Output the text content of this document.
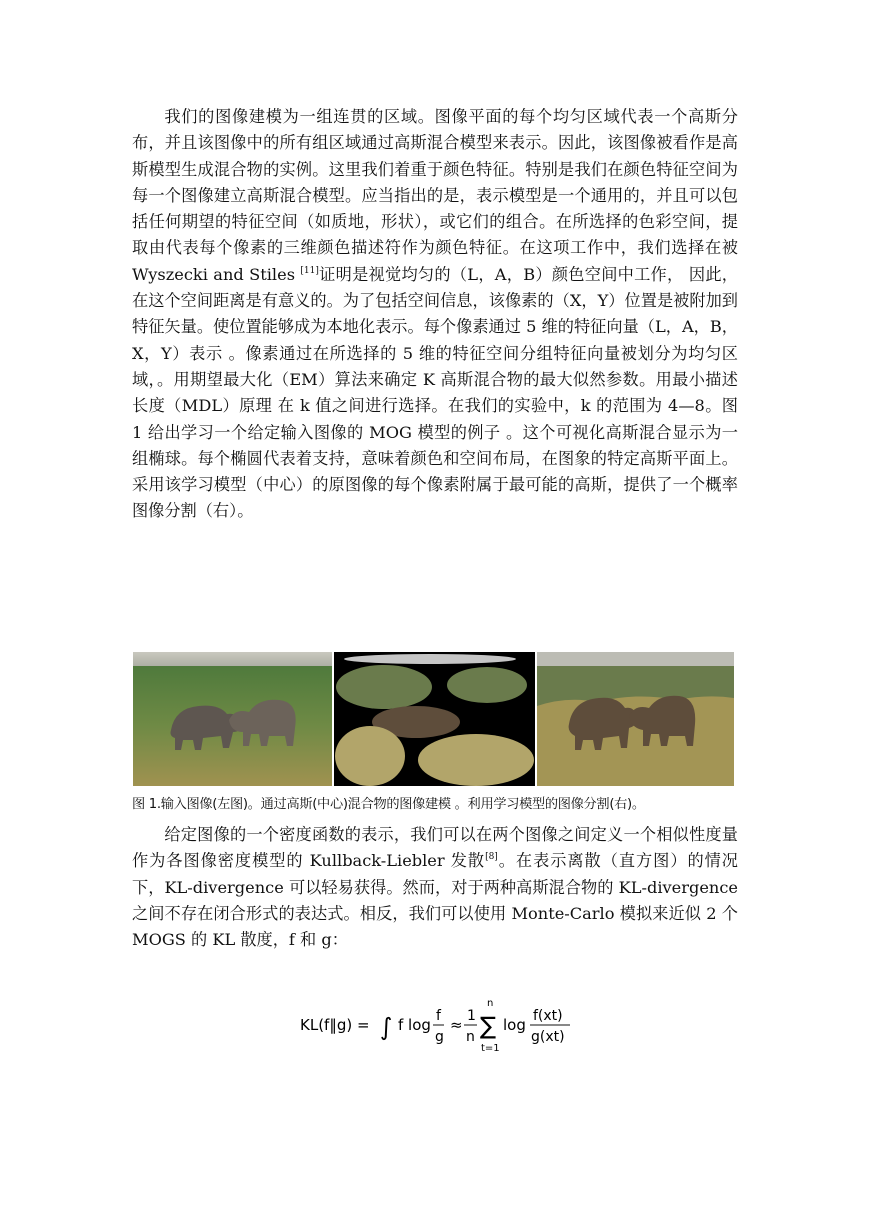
我们的图像建模为一组连贯的区域。图像平面的每个均匀区域代表一个高斯分布，并且该图像中的所有组区域通过高斯混合模型来表示。因此，该图像被看作是高斯模型生成混合物的实例。这里我们着重于颜色特征。特别是我们在颜色特征空间为每一个图像建立高斯混合模型。应当指出的是，表示模型是一个通用的，并且可以包括任何期望的特征空间（如质地，形状），或它们的组合。在所选择的色彩空间，提取由代表每个像素的三维颜色描述符作为颜色特征。在这项工作中，我们选择在被 Wyszecki and Stiles [11]证明是视觉均匀的（L，A，B）颜色空间中工作， 因此，在这个空间距离是有意义的。为了包括空间信息，该像素的（X，Y）位置是被附加到特征矢量。使位置能够成为本地化表示。每个像素通过 5 维的特征向量（L，A，B，X，Y）表示 。像素通过在所选择的 5 维的特征空间分组特征向量被划分为均匀区域，。用期望最大化（EM）算法来确定 K 高斯混合物的最大似然参数。用最小描述长度（MDL）原理 在 k 值之间进行选择。在我们的实验中，k 的范围为 4—8。图 1 给出学习一个给定输入图像的 MOG 模型的例子 。这个可视化高斯混合显示为一组椭球。每个椭圆代表着支持，意味着颜色和空间布局，在图象的特定高斯平面上。采用该学习模型（中心）的原图像的每个像素附属于最可能的高斯，提供了一个概率图像分割（右）。

图 1.输入图像(左图)。通过高斯(中心)混合物的图像建模 。利用学习模型的图像分割(右)。

给定图像的一个密度函数的表示，我们可以在两个图像之间定义一个相似性度量作为各图像密度模型的 Kullback-Liebler 发散[8]。在表示离散（直方图）的情况下，KL-divergence 可以轻易获得。然而，对于两种高斯混合物的 KL-divergence 之间不存在闭合形式的表达式。相反，我们可以使用 Monte-Carlo 模拟来近似 2 个 MOGS 的 KL 散度，f 和 g：

KL(f‖g) = ∫ f log f
g
≈ 1
n
n
∑
t=1
log f(xt)
g(xt)
